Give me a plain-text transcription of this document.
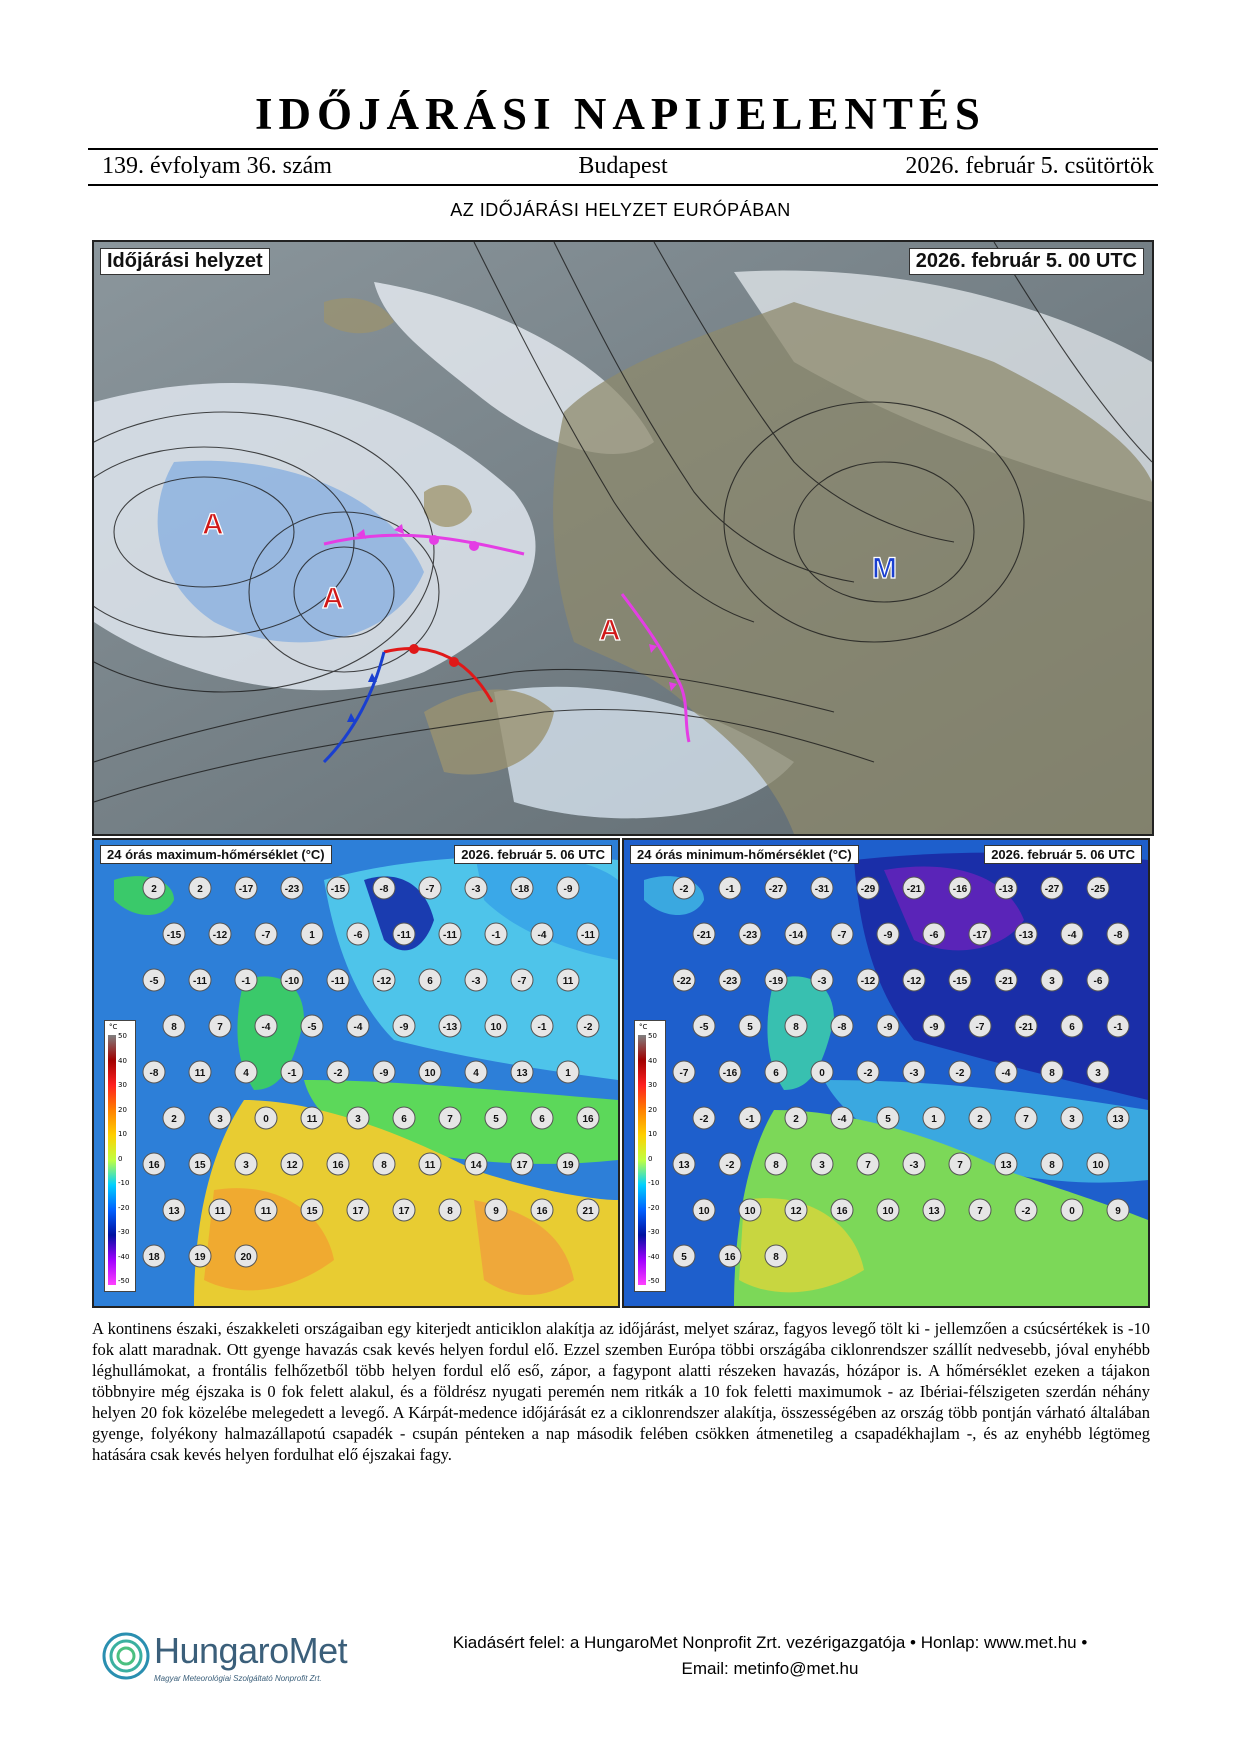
IDŐJÁRÁSI NAPIJELENTÉS
Budapest
139. évfolyam 36. szám	2026. február 5. csütörtök
AZ IDŐJÁRÁSI HELYZET EURÓPÁBAN
A
A
A
M
Időjárási helyzet	2026. február 5. 00 UTC
2	2	-17	-23	-15	-8	-7	-3	-18	-9
-15	-12	-7	1	-6	-11	-11	-1	-4	-11
-5	-11	-1	-10	-11	-12	6	-3	-7	11
8	7	-4	-5	-4	-9	-13	10	-1	-2
-8	11	4	-1	-2	-9	10	4	13	1
2	3	0	11	3	6	7	5	6	16
16	15	3	12	16	8	11	14	17	19
13	11	11	15	17	17	8	9	16	21
18	19	20
24 órás maximum-hőmérséklet (°C)	2026. február 5. 06 UTC
°C
50
40
30
20
10
0
-10
-20
-30
-40
-50
-2	-1	-27	-31	-29	-21	-16	-13	-27	-25
-21	-23	-14	-7	-9	-6	-17	-13	-4	-8
-22	-23	-19	-3	-12	-12	-15	-21	3	-6
-5	5	8	-8	-9	-9	-7	-21	6	-1
-7	-16	6	0	-2	-3	-2	-4	8	3
-2	-1	2	-4	5	1	2	7	3	13
13	-2	8	3	7	-3	7	13	8	10
10	10	12	16	10	13	7	-2	0	9
5	16	8
24 órás minimum-hőmérséklet (°C)	2026. február 5. 06 UTC
°C
50
40
30
20
10
0
-10
-20
-30
-40
-50
A kontinens északi, északkeleti országaiban egy kiterjedt anticiklon alakítja az időjárást, melyet száraz, fagyos levegő tölt ki - jellemzően a csúcsértékek is -10 fok alatt maradnak. Ott gyenge havazás csak kevés helyen fordul elő. Ezzel szemben Európa többi országába ciklonrendszer szállít nedvesebb, jóval enyhébb léghullámokat, a frontális felhőzetből több helyen fordul elő eső, zápor, a fagypont alatti részeken havazás, hózápor is. A hőmérséklet ezeken a tájakon többnyire még éjszaka is 0 fok felett alakul, és a földrész nyugati peremén nem ritkák a 10 fok feletti maximumok - az Ibériai-félszigeten szerdán néhány helyen 20 fok közelébe melegedett a levegő. A Kárpát-medence időjárását ez a ciklonrendszer alakítja, összességében az ország több pontján várható általában gyenge, folyékony halmazállapotú csapadék - csupán pénteken a nap második felében csökken átmenetileg a csapadékhajlam -, és az enyhébb légtömeg hatására csak kevés helyen fordulhat elő éjszakai fagy.
HungaroMet
Magyar Meteorológiai Szolgáltató Nonprofit Zrt.
Kiadásért felel: a HungaroMet Nonprofit Zrt. vezérigazgatója • Honlap: www.met.hu •
Email: metinfo@met.hu
